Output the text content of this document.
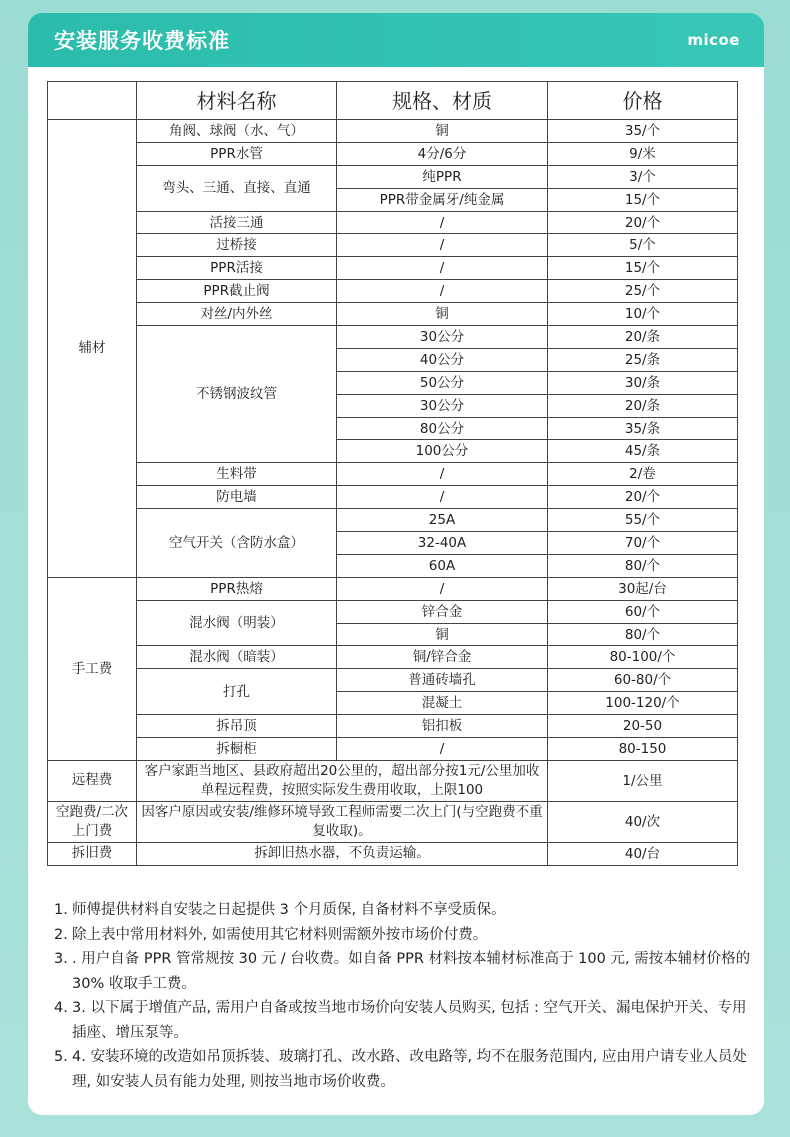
安装服务收费标准	micoe
	材料名称	规格、材质	价格
辅材	角阀、球阀（水、气）	铜	35/个
	PPR水管	4分/6分	9/米
	弯头、三通、直接、直通	纯PPR	3/个
		PPR带金属牙/纯金属	15/个
	活接三通	/	20/个
	过桥接	/	5/个
	PPR活接	/	15/个
	PPR截止阀	/	25/个
	对丝/内外丝	铜	10/个
	不锈钢波纹管	30公分	20/条
		40公分	25/条
		50公分	30/条
		30公分	20/条
		80公分	35/条
		100公分	45/条
	生料带	/	2/卷
	防电墙	/	20/个
	空气开关（含防水盒）	25A	55/个
		32-40A	70/个
		60A	80/个
手工费	PPR热熔	/	30起/台
	混水阀（明装）	锌合金	60/个
		铜	80/个
	混水阀（暗装）	铜/锌合金	80-100/个
	打孔	普通砖墙孔	60-80/个
		混凝土	100-120/个
	拆吊顶	铝扣板	20-50
	拆橱柜	/	80-150
远程费	客户家距当地区、县政府超出20公里的，超出部分按1元/公里加收单程远程费，按照实际发生费用收取，上限100		1/公里
空跑费/二次上门费	因客户原因或安装/维修环境导致工程师需要二次上门(与空跑费不重复收取)。		40/次
拆旧费	拆卸旧热水器，不负责运输。		40/台
1. 师傅提供材料自安装之日起提供 3 个月质保, 自备材料不享受质保。
2. 除上表中常用材料外, 如需使用其它材料则需额外按市场价付费。
3. . 用户自备 PPR 管常规按 30 元 / 台收费。如自备 PPR 材料按本辅材标准高于 100 元, 需按本辅材价格的 30% 收取手工费。
4. 3. 以下属于增值产品, 需用户自备或按当地市场价向安装人员购买, 包括 : 空气开关、漏电保护开关、专用插座、增压泵等。
5. 4. 安装环境的改造如吊顶拆装、玻璃打孔、改水路、改电路等, 均不在服务范围内, 应由用户请专业人员处理, 如安装人员有能力处理, 则按当地市场价收费。
